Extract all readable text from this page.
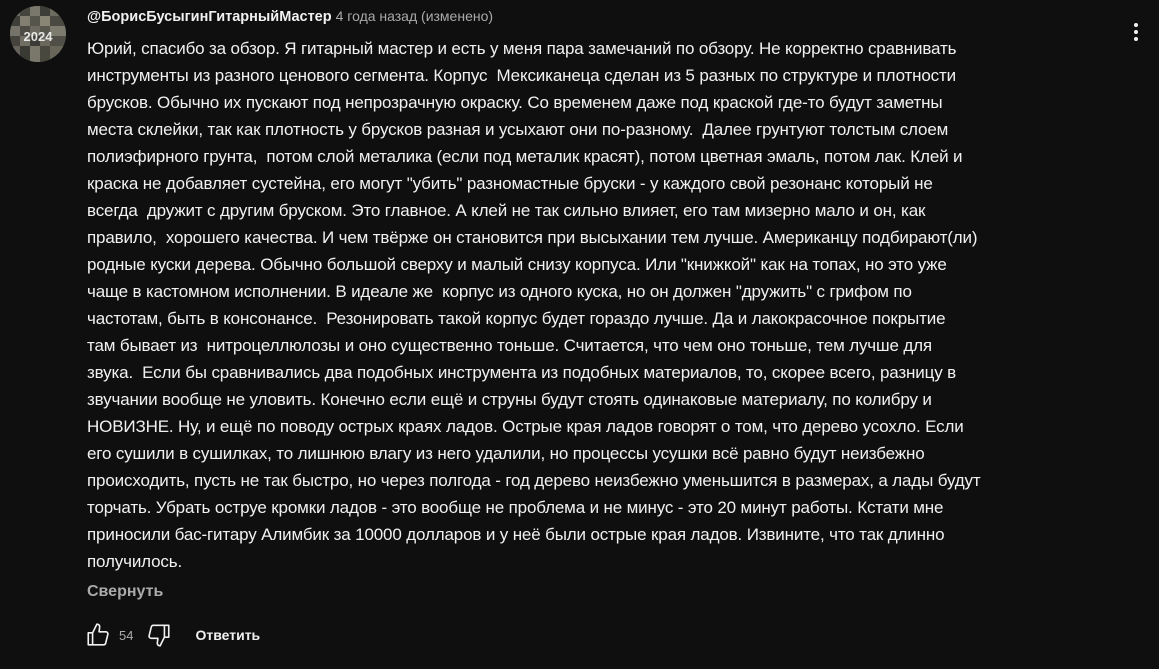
2024
@БорисБусыгинГитарныйМастер 4 года назад (изменено)

Юрий, спасибо за обзор. Я гитарный мастер и есть у меня пара замечаний по обзору. Не корректно сравнивать
инструменты из разного ценового сегмента. Корпус  Мексиканеца сделан из 5 разных по структуре и плотности
брусков. Обычно их пускают под непрозрачную окраску. Со временем даже под краской где-то будут заметны
места склейки, так как плотность у брусков разная и усыхают они по-разному.  Далее грунтуют толстым слоем
полиэфирного грунта,  потом слой металика (если под металик красят), потом цветная эмаль, потом лак. Клей и
краска не добавляет сустейна, его могут "убить" разномастные бруски - у каждого свой резонанс который не
всегда  дружит с другим бруском. Это главное. А клей не так сильно влияет, его там мизерно мало и он, как
правило,  хорошего качества. И чем твёрже он становится при высыхании тем лучше. Американцу подбирают(ли)
родные куски дерева. Обычно большой сверху и малый снизу корпуса. Или "книжкой" как на топах, но это уже
чаще в кастомном исполнении. В идеале же  корпус из одного куска, но он должен "дружить" с грифом по
частотам, быть в консонансе.  Резонировать такой корпус будет гораздо лучше. Да и лакокрасочное покрытие
там бывает из  нитроцеллюлозы и оно существенно тоньше. Считается, что чем оно тоньше, тем лучше для
звука.  Если бы сравнивались два подобных инструмента из подобных материалов, то, скорее всего, разницу в
звучании вообще не уловить. Конечно если ещё и струны будут стоять одинаковые материалу, по колибру и
НОВИЗНЕ. Ну, и ещё по поводу острых краях ладов. Острые края ладов говорят о том, что дерево усохло. Если
его сушили в сушилках, то лишнюю влагу из него удалили, но процессы усушки всё равно будут неизбежно
происходить, пусть не так быстро, но через полгода - год дерево неизбежно уменьшится в размерах, а лады будут
торчать. Убрать оструе кромки ладов - это вообще не проблема и не минус - это 20 минут работы. Кстати мне
приносили бас-гитару Алимбик за 10000 долларов и у неё были острые края ладов. Извините, что так длинно
получилось.

Свернуть
54	Ответить
